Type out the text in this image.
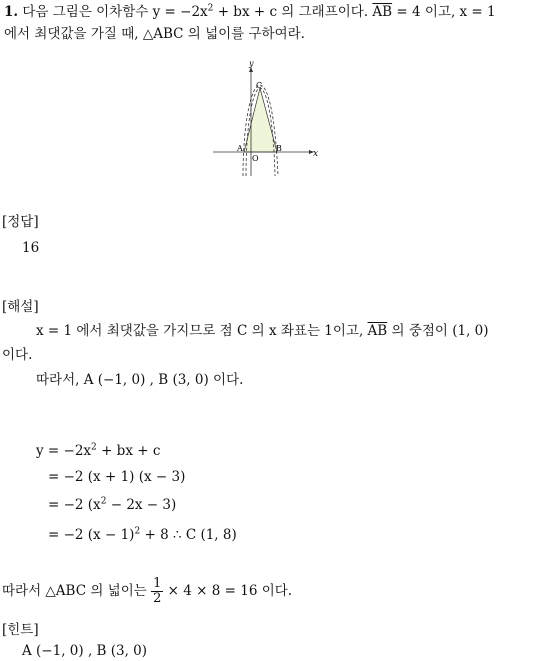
1. 다음 그림은 이차함수 $y = -2x^2$ + bx + c 의 그래프이다. $\overline{AB} = 4$ 이고, x = 1
에서 최댓값을 가질 때, △ABC 의 넓이를 구하여라.
y
x
C
A	B
O
[정답]
16
[해설]
x = 1 에서 최댓값을 가지므로 점 C 의 x 좌표는 1이고, $\overline{AB}$ 의 중점이 (1, 0)
이다.
따라서, A (−1, 0) , B (3, 0) 이다.
$y = -2x^2$ + bx + c
= −2 (x + 1) (x − 3)
= −2 $(x^2 - 2x - 3)$
= −2 $(x - 1)^2 + 8$ ∴ C (1, 8)
따라서 △ABC 의 넓이는 $\frac{1}{2} \times 4 \times 8 = 16$ 이다.
[힌트]
A (−1, 0) , B (3, 0)
